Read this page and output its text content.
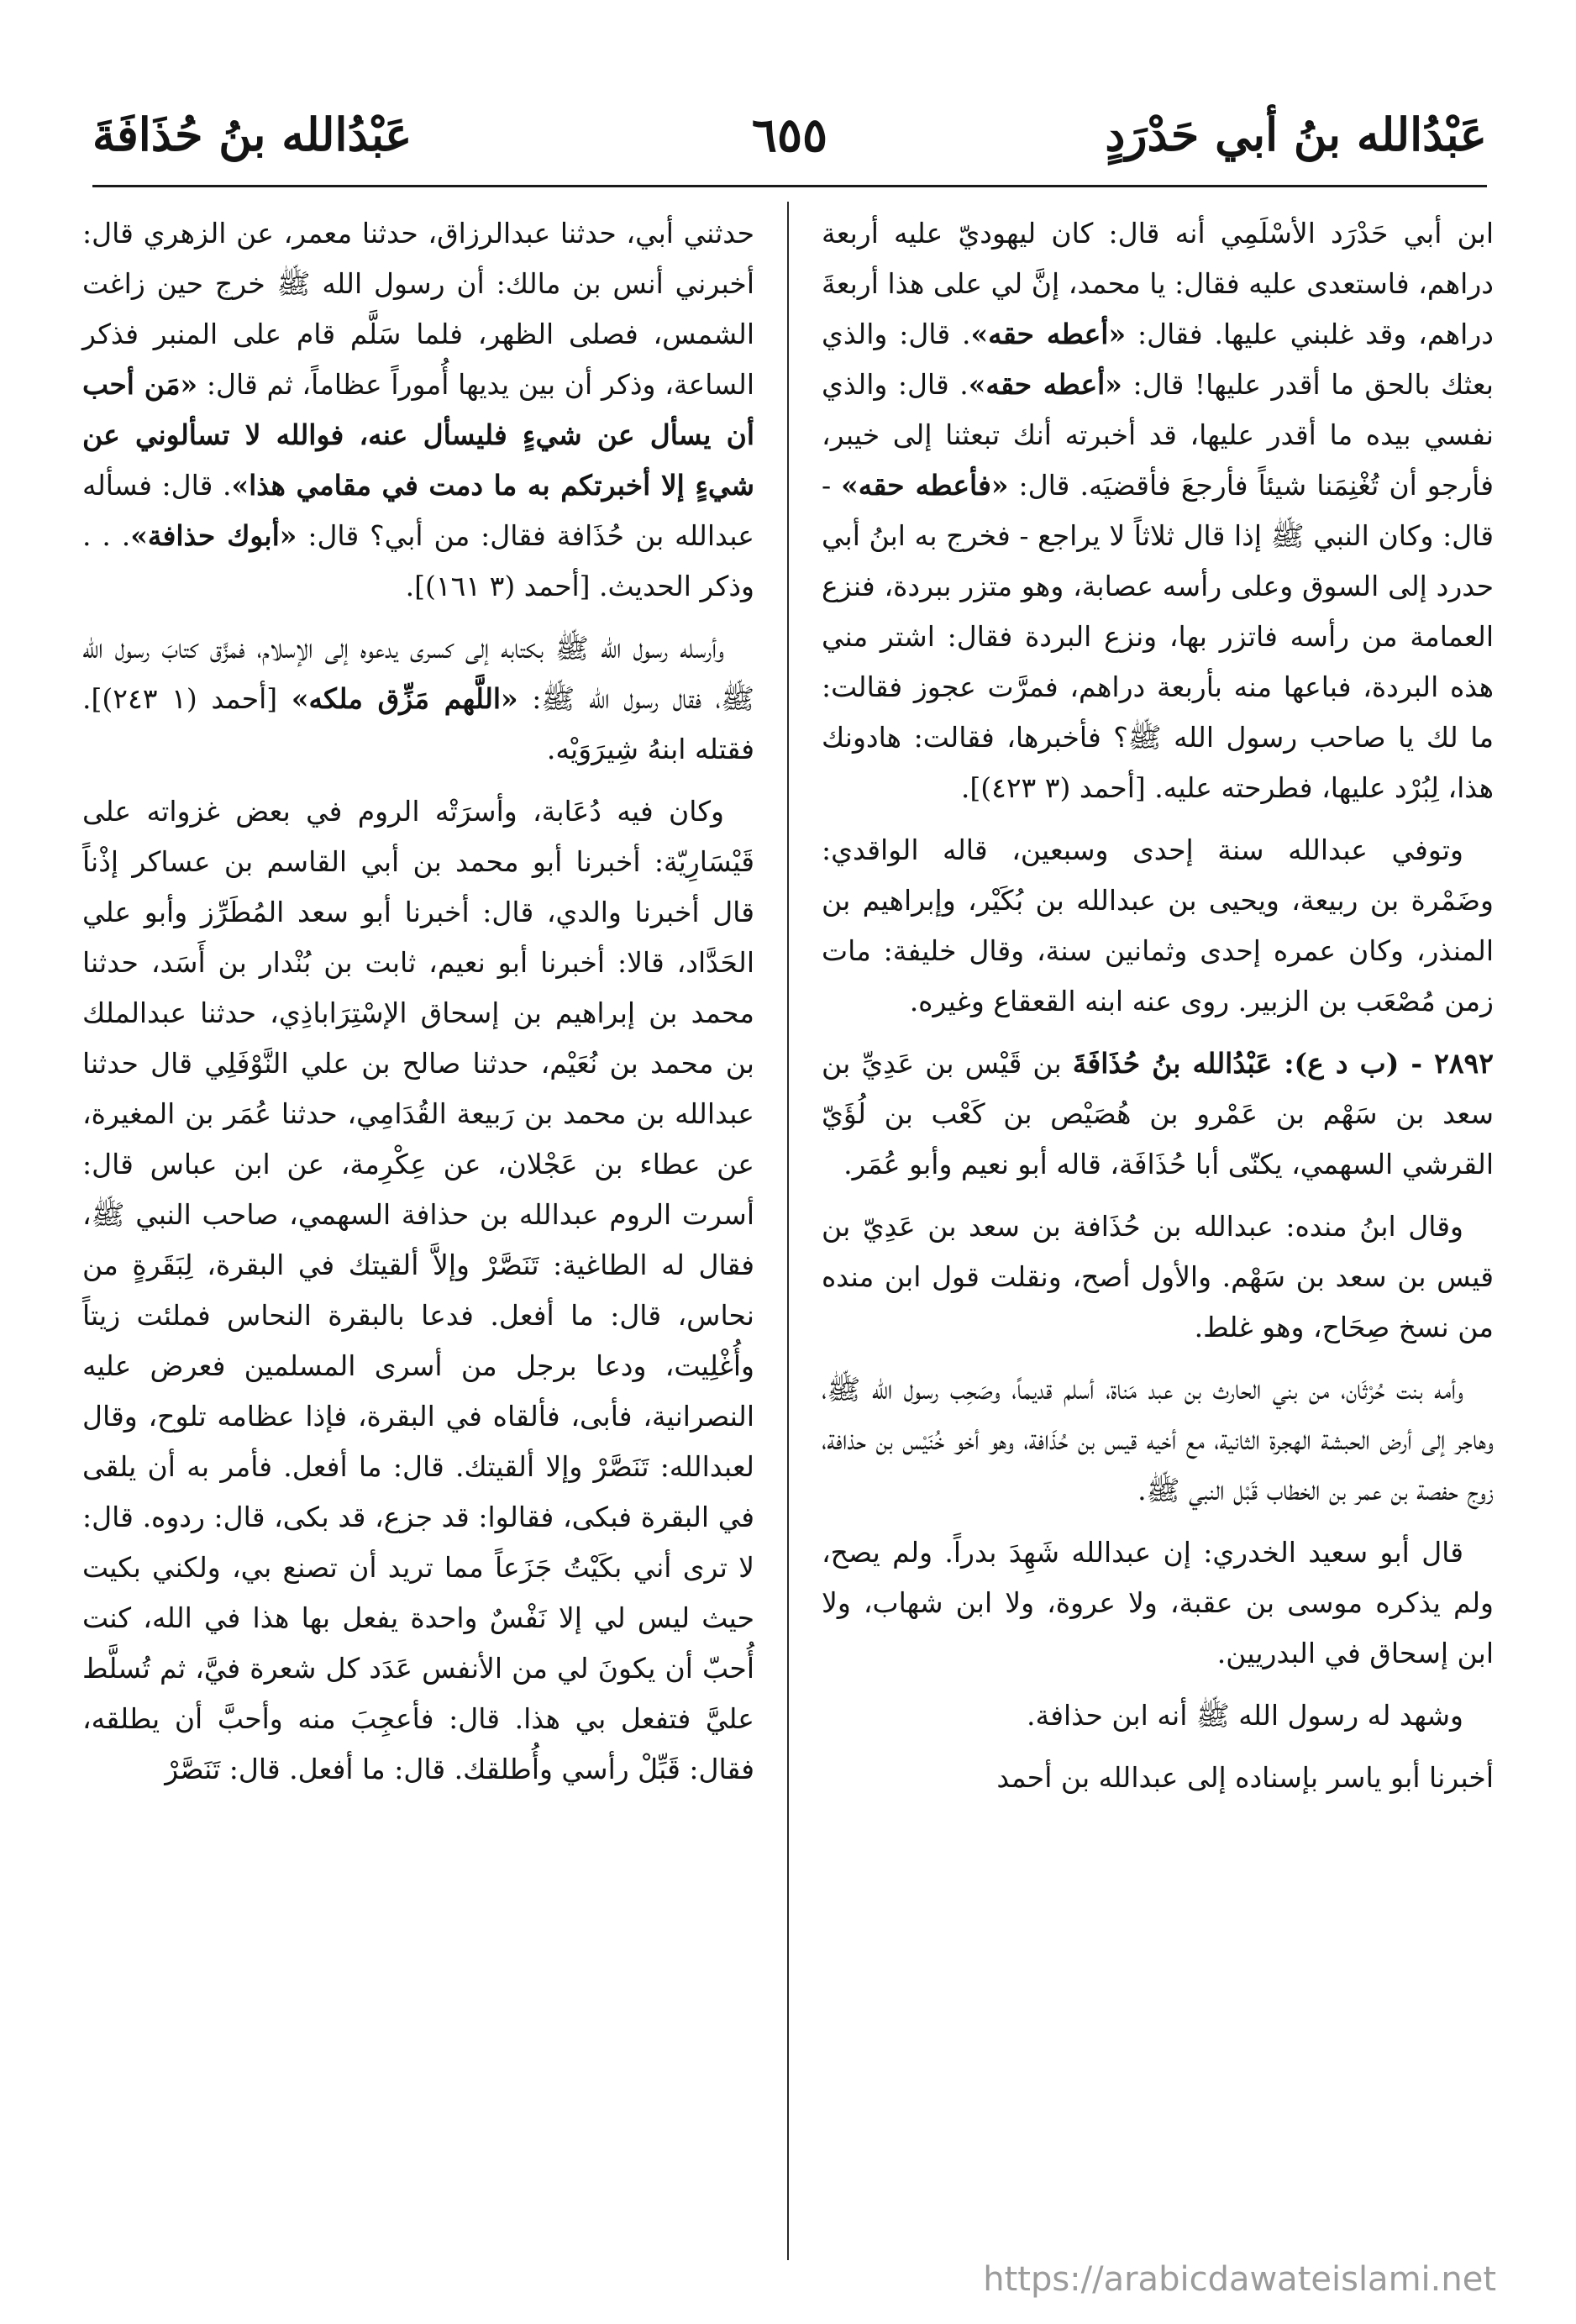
عَبْدُالله بنُ أبي حَدْرَدٍ
٦٥٥
عَبْدُالله بنُ حُذَافَةَ

ابن أبي حَدْرَد الأسْلَمِي أنه قال: كان ليهوديّ عليه أربعة دراهم، فاستعدى عليه فقال: يا محمد، إنَّ لي على هذا أربعةَ دراهم، وقد غلبني عليها. فقال: «أعطه حقه». قال: والذي بعثك بالحق ما أقدر عليها! قال: «أعطه حقه». قال: والذي نفسي بيده ما أقدر عليها، قد أخبرته أنك تبعثنا إلى خيبر، فأرجو أن تُغْنِمَنا شيئاً فأرجعَ فأقضيَه. قال: «فأعطه حقه» - قال: وكان النبي ﷺ إذا قال ثلاثاً لا يراجع - فخرج به ابنُ أبي حدرد إلى السوق وعلى رأسه عصابة، وهو متزر ببردة، فنزع العمامة من رأسه فاتزر بها، ونزع البردة فقال: اشتر مني هذه البردة، فباعها منه بأربعة دراهم، فمرَّت عجوز فقالت: ما لك يا صاحب رسول الله ﷺ؟ فأخبرها، فقالت: هادونك هذا، لِبُرْد عليها، فطرحته عليه. [أحمد (٣ ٤٢٣)].

وتوفي عبدالله سنة إحدى وسبعين، قاله الواقدي: وضَمْرة بن ربيعة، ويحيى بن عبدالله بن بُكَيْر، وإبراهيم بن المنذر، وكان عمره إحدى وثمانين سنة، وقال خليفة: مات زمن مُصْعَب بن الزبير. روى عنه ابنه القعقاع وغيره.

٢٨٩٢ - (ب د ع): عَبْدُالله بنُ حُذَافَةَ بن قَيْس بن عَدِيِّ بن سعد بن سَهْم بن عَمْرو بن هُصَيْص بن كَعْب بن لُؤَيّ القرشي السهمي، يكنّى أبا حُذَافَة، قاله أبو نعيم وأبو عُمَر.

وقال ابنُ منده: عبدالله بن حُذَافة بن سعد بن عَدِيّ بن قيس بن سعد بن سَهْم. والأول أصح، ونقلت قول ابن منده من نسخ صِحَاح، وهو غلط.

وأمه بنت حُرْثَان، من بني الحارث بن عبد مَناة، أسلم قديماً، وصَحِب رسول الله ﷺ، وهاجر إلى أرض الحبشة الهجرة الثانية، مع أخيه قيس بن حُذَافة، وهو أخو خُنَيْس بن حذافة، زوج حفصة بن عمر بن الخطاب قَبْل النبي ﷺ.

قال أبو سعيد الخدري: إن عبدالله شَهِدَ بدراً. ولم يصح، ولم يذكره موسى بن عقبة، ولا عروة، ولا ابن شهاب، ولا ابن إسحاق في البدريين.

وشهد له رسول الله ﷺ أنه ابن حذافة.

أخبرنا أبو ياسر بإسناده إلى عبدالله بن أحمد

حدثني أبي، حدثنا عبدالرزاق، حدثنا معمر، عن الزهري قال: أخبرني أنس بن مالك: أن رسول الله ﷺ خرج حين زاغت الشمس، فصلى الظهر، فلما سَلَّم قام على المنبر فذكر الساعة، وذكر أن بين يديها أُموراً عظاماً، ثم قال: «مَن أحب أن يسأل عن شيءٍ فليسأل عنه، فوالله لا تسألوني عن شيءٍ إلا أخبرتكم به ما دمت في مقامي هذا». قال: فسأله عبدالله بن حُذَافة فقال: من أبي؟ قال: «أبوك حذافة». . . وذكر الحديث. [أحمد (٣ ١٦١)].

وأرسله رسول الله ﷺ بكتابه إلى كسرى يدعوه إلى الإسلام، فمزَّق كتابَ رسول الله ﷺ، فقال رسول الله ﷺ: «اللَّهم مَزِّق ملكه» [أحمد (١ ٢٤٣)]. فقتله ابنهُ شِيرَوَيْه.

وكان فيه دُعَابة، وأسرَتْه الروم في بعض غزواته على قَيْسَارِيّة: أخبرنا أبو محمد بن أبي القاسم بن عساكر إذْناً قال أخبرنا والدي، قال: أخبرنا أبو سعد المُطَرِّز وأبو علي الحَدَّاد، قالا: أخبرنا أبو نعيم، ثابت بن بُنْدار بن أَسَد، حدثنا محمد بن إبراهيم بن إسحاق الإسْتِرَاباذِي، حدثنا عبدالملك بن محمد بن نُعَيْم، حدثنا صالح بن علي النَّوْفَلِي قال حدثنا عبدالله بن محمد بن رَبيعة القُدَامِي، حدثنا عُمَر بن المغيرة، عن عطاء بن عَجْلان، عن عِكْرِمة، عن ابن عباس قال: أسرت الروم عبدالله بن حذافة السهمي، صاحب النبي ﷺ، فقال له الطاغية: تَنَصَّرْ وإلاَّ ألقيتك في البقرة، لِبَقَرةٍ من نحاس، قال: ما أفعل. فدعا بالبقرة النحاس فملئت زيتاً وأُغْلِيت، ودعا برجل من أسرى المسلمين فعرض عليه النصرانية، فأبى، فألقاه في البقرة، فإذا عظامه تلوح، وقال لعبدالله: تَنَصَّرْ وإلا ألقيتك. قال: ما أفعل. فأمر به أن يلقى في البقرة فبكى، فقالوا: قد جزع، قد بكى، قال: ردوه. قال: لا ترى أني بكَيْتُ جَزَعاً مما تريد أن تصنع بي، ولكني بكيت حيث ليس لي إلا نَفْسٌ واحدة يفعل بها هذا في الله، كنت أُحبّ أن يكونَ لي من الأنفس عَدَد كل شعرة فيَّ، ثم تُسلَّط عليَّ فتفعل بي هذا. قال: فأعجِبَ منه وأحبَّ أن يطلقه، فقال: قَبِّلْ رأسي وأُطلقك. قال: ما أفعل. قال: تَنَصَّرْ

https://arabicdawateislami.net
